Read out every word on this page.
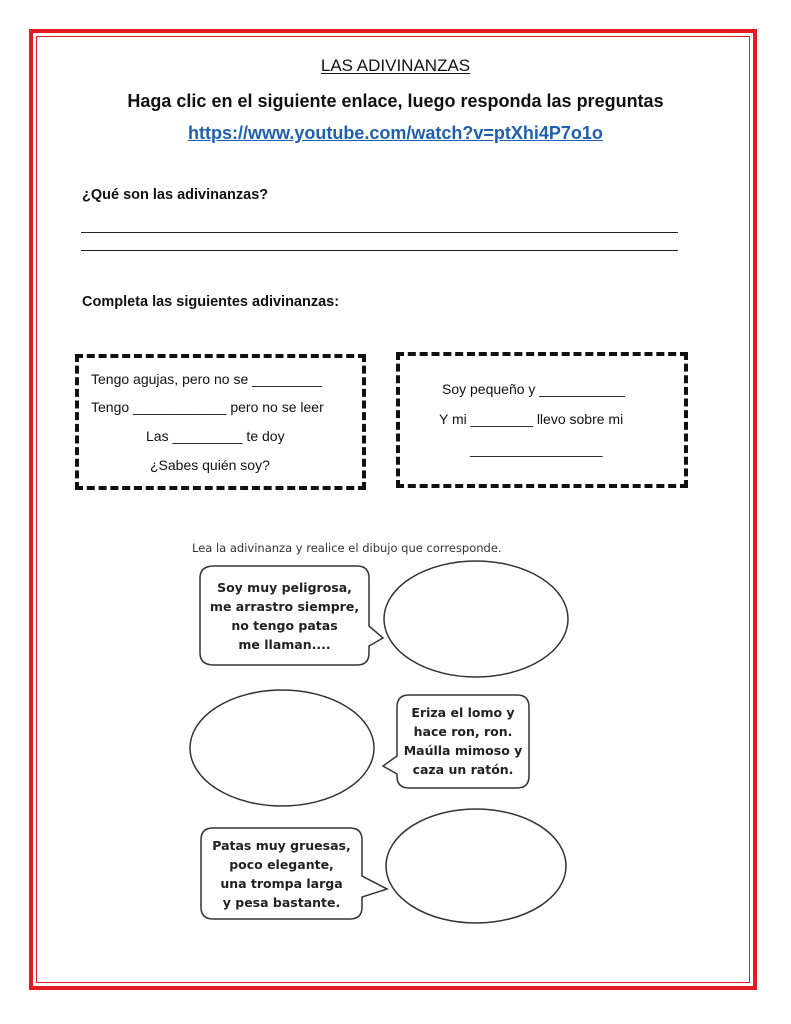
LAS ADIVINANZAS
Haga clic en el siguiente enlace, luego responda las preguntas
https://www.youtube.com/watch?v=ptXhi4P7o1o
¿Qué son las adivinanzas?
Completa las siguientes adivinanzas:
Tengo agujas, pero no se _________
Tengo ____________ pero no se leer
Las _________ te doy
¿Sabes quién soy?
Soy pequeño y ___________
Y mi ________ llevo sobre mi
_________________
Lea la adivinanza y realice el dibujo que corresponde.
Soy muy peligrosa,
me arrastro siempre,
no tengo patas
me llaman....
Eriza el lomo y
hace ron, ron.
Maúlla mimoso y
caza un ratón.
Patas muy gruesas,
poco elegante,
una trompa larga
y pesa bastante.
